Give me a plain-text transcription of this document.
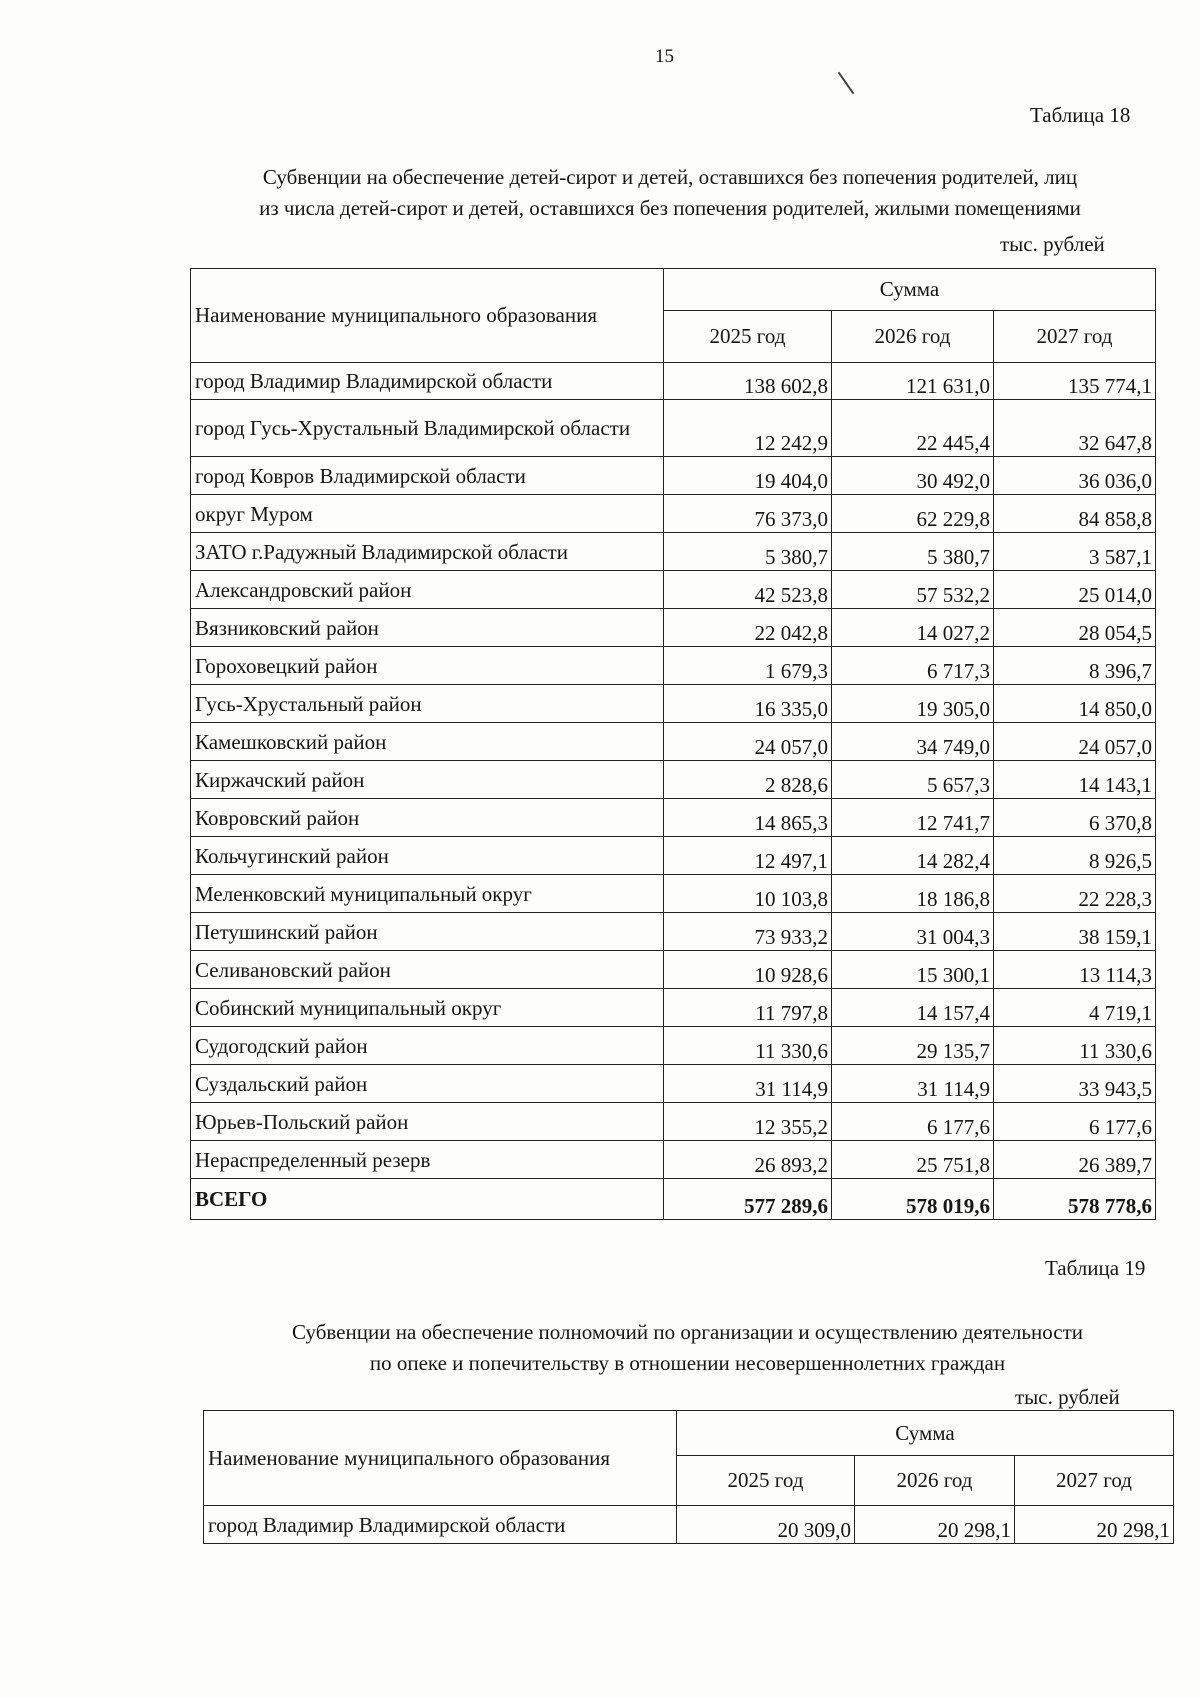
15
Таблица 18
Субвенции на обеспечение детей-сирот и детей, оставшихся без попечения родителей, лиц
из числа детей-сирот и детей, оставшихся без попечения родителей, жилыми помещениями
тыс. рублей
Наименование муниципального образования	Сумма		
	2025 год	2026 год	2027 год
город Владимир Владимирской области	138 602,8	121 631,0	135 774,1
город Гусь-Хрустальный Владимирской области	12 242,9	22 445,4	32 647,8
город Ковров Владимирской области	19 404,0	30 492,0	36 036,0
округ Муром	76 373,0	62 229,8	84 858,8
ЗАТО г.Радужный Владимирской области	5 380,7	5 380,7	3 587,1
Александровский район	42 523,8	57 532,2	25 014,0
Вязниковский район	22 042,8	14 027,2	28 054,5
Гороховецкий район	1 679,3	6 717,3	8 396,7
Гусь-Хрустальный район	16 335,0	19 305,0	14 850,0
Камешковский район	24 057,0	34 749,0	24 057,0
Киржачский район	2 828,6	5 657,3	14 143,1
Ковровский район	14 865,3	12 741,7	6 370,8
Кольчугинский район	12 497,1	14 282,4	8 926,5
Меленковский муниципальный округ	10 103,8	18 186,8	22 228,3
Петушинский район	73 933,2	31 004,3	38 159,1
Селивановский район	10 928,6	15 300,1	13 114,3
Собинский муниципальный округ	11 797,8	14 157,4	4 719,1
Судогодский район	11 330,6	29 135,7	11 330,6
Суздальский район	31 114,9	31 114,9	33 943,5
Юрьев-Польский район	12 355,2	6 177,6	6 177,6
Нераспределенный резерв	26 893,2	25 751,8	26 389,7
ВСЕГО	577 289,6	578 019,6	578 778,6
Таблица 19
Субвенции на обеспечение полномочий по организации и осуществлению деятельности
по опеке и попечительству в отношении несовершеннолетних граждан
тыс. рублей
Наименование муниципального образования	Сумма		
	2025 год	2026 год	2027 год
город Владимир Владимирской области	20 309,0	20 298,1	20 298,1
